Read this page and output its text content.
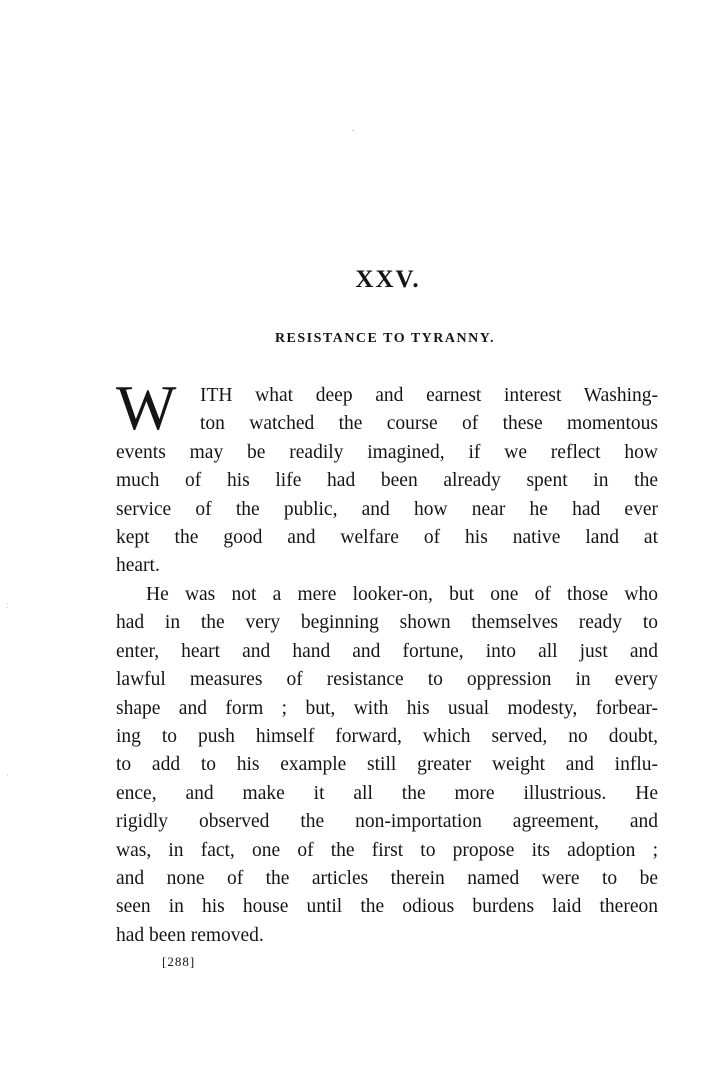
:
·
XXV.
RESISTANCE TO TYRANNY.
W	ITH what deep and earnest interest Washing-
ton watched the course of these momentous
events may be readily imagined, if we reflect how
much of his life had been already spent in the
service of the public, and how near he had ever
kept the good and welfare of his native land at
heart.
He was not a mere looker-on, but one of those who
had in the very beginning shown themselves ready to
enter, heart and hand and fortune, into all just and
lawful measures of resistance to oppression in every
shape and form ; but, with his usual modesty, forbear-
ing to push himself forward, which served, no doubt,
to add to his example still greater weight and influ-
ence, and make it all the more illustrious. He
rigidly observed the non-importation agreement, and
was, in fact, one of the first to propose its adoption ;
and none of the articles therein named were to be
seen in his house until the odious burdens laid thereon
had been removed.
[288]
